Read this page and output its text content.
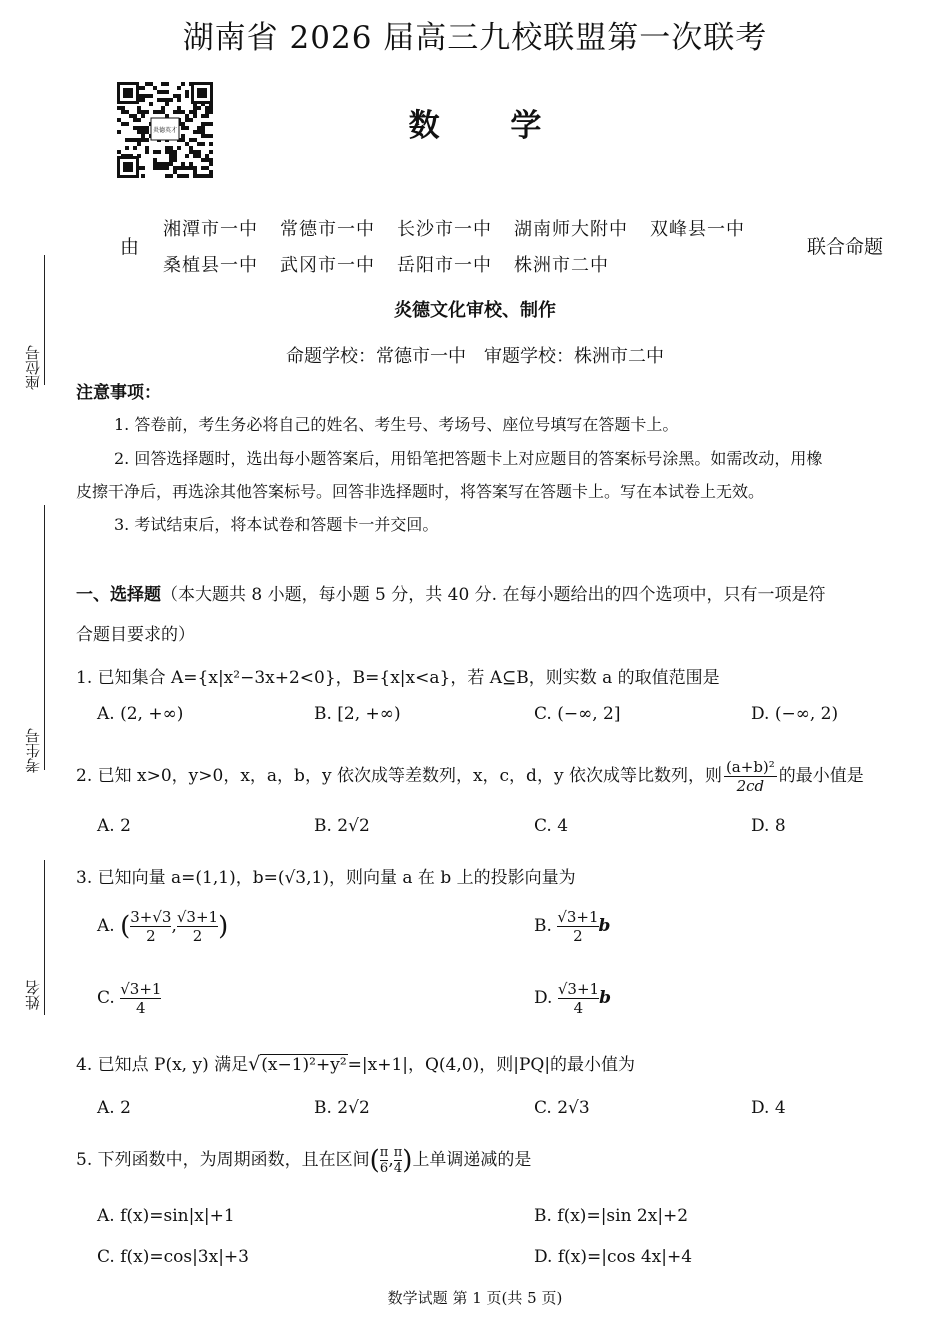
湖南省 2026 届高三九校联盟第一次联考
炎德英才	数 学
由
湘潭市一中 常德市一中 长沙市一中 湖南师大附中 双峰县一中
桑植县一中 武冈市一中 岳阳市一中 株洲市二中
联合命题
炎德文化审校、制作
命题学校：常德市一中　审题学校：株洲市二中
座位号
考生号
姓名
注意事项：
1. 答卷前，考生务必将自己的姓名、考生号、考场号、座位号填写在答题卡上。
2. 回答选择题时，选出每小题答案后，用铅笔把答题卡上对应题目的答案标号涂黑。如需改动，用橡
皮擦干净后，再选涂其他答案标号。回答非选择题时，将答案写在答题卡上。写在本试卷上无效。
3. 考试结束后，将本试卷和答题卡一并交回。
一、选择题（本大题共 8 小题，每小题 5 分，共 40 分. 在每小题给出的四个选项中，只有一项是符
合题目要求的）
1. 已知集合 A={x|x²−3x+2<0}，B={x|x<a}，若 A⊆B，则实数 a 的取值范围是
A. (2, +∞)	B. [2, +∞)	C. (−∞, 2]	D. (−∞, 2)
2. 已知 x>0，y>0，x，a，b，y 依次成等差数列，x，c，d，y 依次成等比数列，则 $\frac{\text{(a+b)²}}{2cd}$ 的最小值是
A. 2	B. 2√2	C. 4	D. 8
3. 已知向量 a=(1,1)，b=(√3,1)，则向量 a 在 b 上的投影向量为
A. ( $\frac{3+√3}{2}$ , $\frac{√3+1}{2}$ )	B. $\frac{√3+1}{2}$ b
C. $\frac{√3+1}{4}$	D. $\frac{√3+1}{4}$ b
4. 已知点 P(x, y) 满足√(x−1)²+y²=|x+1|，Q(4,0)，则|PQ|的最小值为
A. 2	B. 2√2	C. 2√3	D. 4
5. 下列函数中，为周期函数，且在区间( $\frac{\pi}{6}$ , $\frac{\pi}{4}$ )上单调递减的是
A. f(x)=sin|x|+1	B. f(x)=|sin 2x|+2
C. f(x)=cos|3x|+3	D. f(x)=|cos 4x|+4
数学试题 第 1 页(共 5 页)
